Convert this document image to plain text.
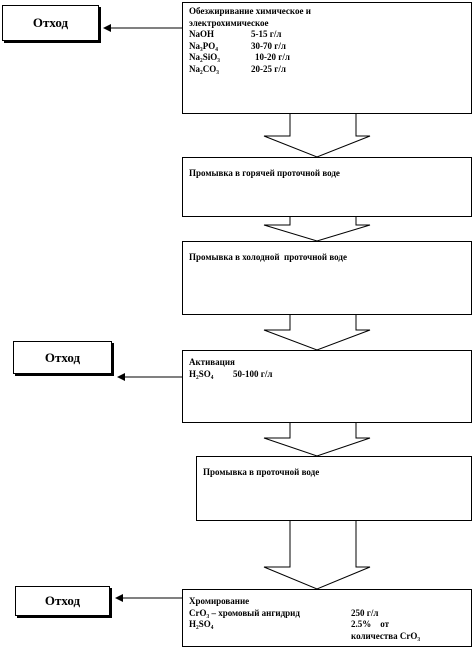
Обезжиривание химическое и электрохимическое
NaOH	5-15 г/л
Na₃PO₄	30-70 г/л
Na₂SiO₃	10-20 г/л
Na₂CO₃	20-25 г/л
Промывка в горячей проточной воде
Промывка в холодной  проточной воде
Активация
H₂SO₄	50-100 г/л
Промывка в проточной воде
Хромирование
CrO₃ – хромовый ангидрид	250 г/л
H₂SO₄	2.5%    от
количества CrO₃
Отход
Отход
Отход
